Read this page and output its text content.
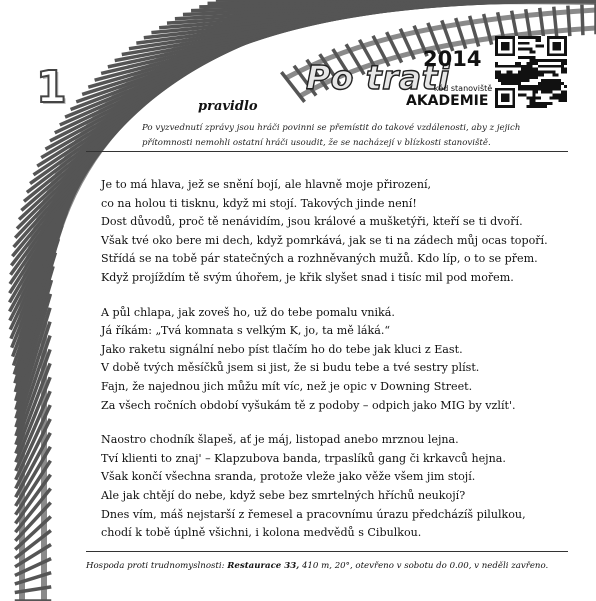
1	Po trati
2014
kód stanoviště
AKADEMIE
pravidlo
Po vyzvednutí zprávy jsou hráči povinni se přemístit do takové vzdálenosti, aby z jejich přítomnosti nemohli ostatní hráči usoudit, že se nacházejí v blízkosti stanoviště.
Je to má hlava, jež se snění bojí, ale hlavně moje přirození,
co na holou ti tisknu, když mi stojí. Takových jinde není!
Dost důvodů, proč tě nenávidím, jsou králové a mušketýři, kteří se ti dvoří.
Však tvé oko bere mi dech, když pomrkává, jak se ti na zádech můj ocas topoří.
Střídá se na tobě pár statečných a rozhněvaných mužů. Kdo líp, o to se přem.
Když projíždím tě svým úhořem, je křik slyšet snad i tisíc mil pod mořem.
A půl chlapa, jak zoveš ho, už do tebe pomalu vniká.
Já říkám: „Tvá komnata s velkým K, jo, ta mě láká.“
Jako raketu signální nebo píst tlačím ho do tebe jak kluci z East.
V době tvých měsíčků jsem si jist, že si budu tebe a tvé sestry plíst.
Fajn, že najednou jich můžu mít víc, než je opic v Downing Street.
Za všech ročních období vyšukám tě z podoby – odpich jako MIG by vzlít'.
Naostro chodník šlapeš, ať je máj, listopad anebo mrznou lejna.
Tví klienti to znaj' – Klapzubova banda, trpaslíků gang či krkavců hejna.
Však končí všechna sranda, protože vleže jako věže všem jim stojí.
Ale jak chtějí do nebe, když sebe bez smrtelných hříchů neukojí?
Dnes vím, máš nejstarší z řemesel a pracovnímu úrazu předcházíš pilulkou,
chodí k tobě úplně všichni, i kolona medvědů s Cibulkou.
Hospoda proti trudnomyslnosti: Restaurace 33, 410 m, 20°, otevřeno v sobotu do 0.00, v neděli zavřeno.
